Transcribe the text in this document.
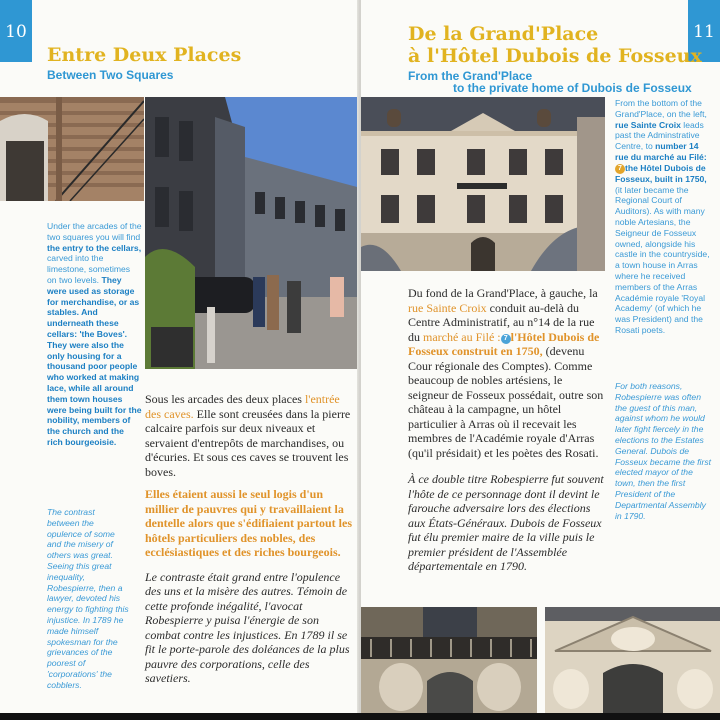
10
Entre Deux Places
Between Two Squares
Under the arcades of the two squares you will find the entry to the cellars, carved into the limestone, sometimes on two levels. They were used as storage for merchandise, or as stables. And underneath these cellars: 'the Boves'. They were also the only housing for a thousand poor people who worked at making lace, while all around them town houses were being built for the nobility, members of the church and the rich bourgeoisie.
The contrast between the opulence of some and the misery of others was great. Seeing this great inequality, Robespierre, then a lawyer, devoted his energy to fighting this injustice. In 1789 he made himself spokesman for the grievances of the poorest of 'corporations' the cobblers.

Sous les arcades des deux places l'entrée des caves. Elle sont creusées dans la pierre calcaire parfois sur deux niveaux et servaient d'entrepôts de marchandises, ou d'écuries. Et sous ces caves se trouvent les boves.

Elles étaient aussi le seul logis d'un millier de pauvres qui y travaillaient la dentelle alors que s'édifiaient partout les hôtels particuliers des nobles, des ecclésiastiques et des riches bourgeois.

Le contraste était grand entre l'opulence des uns et la misère des autres. Témoin de cette profonde inégalité, l'avocat Robespierre y puisa l'énergie de son combat contre les injustices. En 1789 il se fit le porte-parole des doléances de la plus pauvre des corporations, celle des savetiers.

11
De la Grand'Place
à l'Hôtel Dubois de Fosseux
From the Grand'Place
to the private home of Dubois de Fosseux
From the bottom of the Grand'Place, on the left, rue Sainte Croix leads past the Adminstrative Centre, to number 14 rue du marché au Filé:7the Hôtel Dubois de Fosseux, built in 1750, (it later became the Regional Court of Auditors). As with many noble Artesians, the Seigneur de Fosseux owned, alongside his castle in the countryside, a town house in Arras where he received members of the Arras Académie royale 'Royal Academy' (of which he was President) and the Rosati poets.
For both reasons, Robespierre was often the guest of this man, against whom he would later fight fiercely in the elections to the Estates General. Dubois de Fosseux became the first elected mayor of the town, then the first President of the Departmental Assembly in 1790.

Du fond de la Grand'Place, à gauche, la rue Sainte Croix conduit au-delà du Centre Administratif, au n°14 de la rue du marché au Filé :7l'Hôtel Dubois de Fosseux construit en 1750, (devenu Cour régionale des Comptes). Comme beaucoup de nobles artésiens, le seigneur de Fosseux possédait, outre son château à la campagne, un hôtel particulier à Arras où il recevait les membres de l'Académie royale d'Arras (qu'il présidait) et les poètes des Rosati.

À ce double titre Robespierre fut souvent l'hôte de ce personnage dont il devint le farouche adversaire lors des élections aux États-Généraux. Dubois de Fosseux fut élu premier maire de la ville puis le premier président de l'Assemblée départementale en 1790.
